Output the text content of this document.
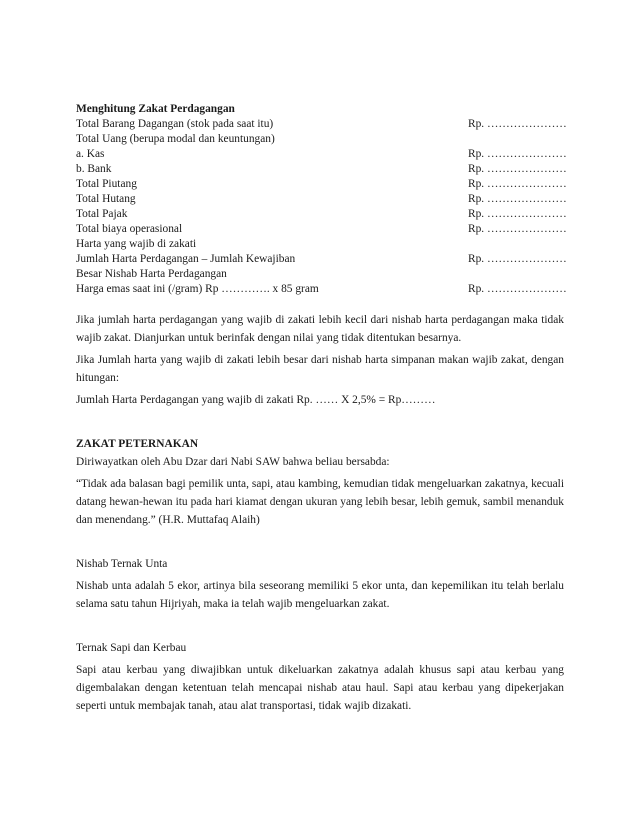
Menghitung Zakat Perdagangan
Total Barang Dagangan (stok pada saat itu)	Rp. …………………
Total Uang (berupa modal dan keuntungan)
a. Kas	Rp. …………………
b. Bank	Rp. …………………
Total Piutang	Rp. …………………
Total Hutang	Rp. …………………
Total Pajak	Rp. …………………
Total biaya operasional	Rp. …………………
Harta yang wajib di zakati
Jumlah Harta Perdagangan – Jumlah Kewajiban	Rp. …………………
Besar Nishab Harta Perdagangan
Harga emas saat ini (/gram) Rp …………. x 85 gram	Rp. …………………

Jika jumlah harta perdagangan yang wajib di zakati lebih kecil dari nishab harta perdagangan maka tidak wajib zakat. Dianjurkan untuk berinfak dengan nilai yang tidak ditentukan besarnya.

Jika Jumlah harta yang wajib di zakati lebih besar dari nishab harta simpanan makan wajib zakat, dengan hitungan:

Jumlah Harta Perdagangan yang wajib di zakati Rp. …… X 2,5% = Rp………

ZAKAT PETERNAKAN

Diriwayatkan oleh Abu Dzar dari Nabi SAW bahwa beliau bersabda:

“Tidak ada balasan bagi pemilik unta, sapi, atau kambing, kemudian tidak mengeluarkan zakatnya, kecuali datang hewan-hewan itu pada hari kiamat dengan ukuran yang lebih besar, lebih gemuk, sambil menanduk dan menendang.” (H.R. Muttafaq Alaih)

Nishab Ternak Unta

Nishab unta adalah 5 ekor, artinya bila seseorang memiliki 5 ekor unta, dan kepemilikan itu telah berlalu selama satu tahun Hijriyah, maka ia telah wajib mengeluarkan zakat.

Ternak Sapi dan Kerbau

Sapi atau kerbau yang diwajibkan untuk dikeluarkan zakatnya adalah khusus sapi atau kerbau yang digembalakan dengan ketentuan telah mencapai nishab atau haul. Sapi atau kerbau yang dipekerjakan seperti untuk membajak tanah, atau alat transportasi, tidak wajib dizakati.
